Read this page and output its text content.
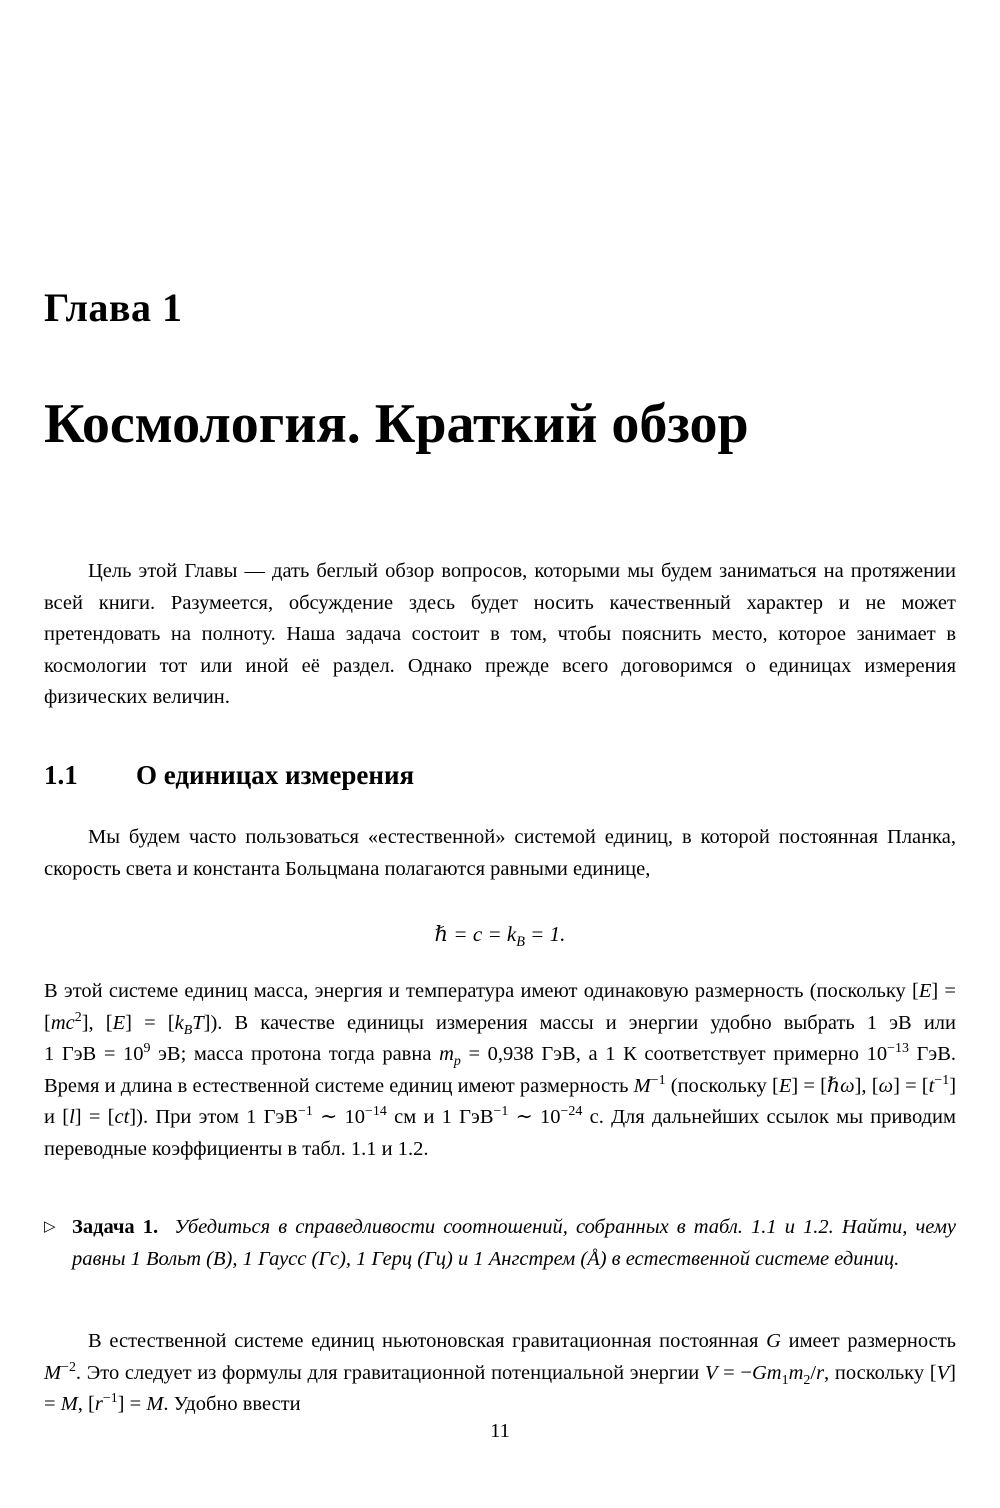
Глава 1
Космология. Краткий обзор
Цель этой Главы — дать беглый обзор вопросов, которыми мы будем заниматься на протяжении всей книги. Разумеется, обсуждение здесь будет носить качественный характер и не может претендовать на полноту. Наша задача состоит в том, чтобы пояснить место, которое занимает в космологии тот или иной её раздел. Однако прежде всего договоримся о единицах измерения физических величин.
1.1 О единицах измерения
Мы будем часто пользоваться «естественной» системой единиц, в которой постоянная Планка, скорость света и константа Больцмана полагаются равными единице,
ℏ = $c = k_B = 1$.
В этой системе единиц масса, энергия и температура имеют одинаковую размерность (поскольку $[E] = [mc^2]$, $[E] = [k_BT]$). В качестве единицы измерения массы и энергии удобно выбрать 1 эВ или 1 ГэВ = $10^9$ эВ; масса протона тогда равна $m_p = 0,938$ ГэВ, а 1 К соответствует примерно $10^{-13}$ ГэВ. Время и длина в естественной системе единиц имеют размерность $M^{-1}$ (поскольку [E] = [ℏω], $[\omega] = [t^{-1}]$ и [l] = [ct]). При этом 1 ГэВ$^{-1}$ ∼ $10^{-14}$ см и 1 ГэВ$^{-1}$ ∼ $10^{-24}$ с. Для дальнейших ссылок мы приводим переводные коэффициенты в табл. 1.1 и 1.2.
▷ Задача 1.  Убедиться в справедливости соотношений, собранных в табл. 1.1 и 1.2. Найти, чему равны 1 Вольт (В), 1 Гаусс (Гс), 1 Герц (Гц) и 1 Ангстрем (Å) в естественной системе единиц.
В естественной системе единиц ньютоновская гравитационная постоянная G имеет размерность $M^{-2}$. Это следует из формулы для гравитационной потенциальной энергии $V = -Gm_1m_2/r$, поскольку [V] = M, $[r^{-1}] = M$. Удобно ввести
11
